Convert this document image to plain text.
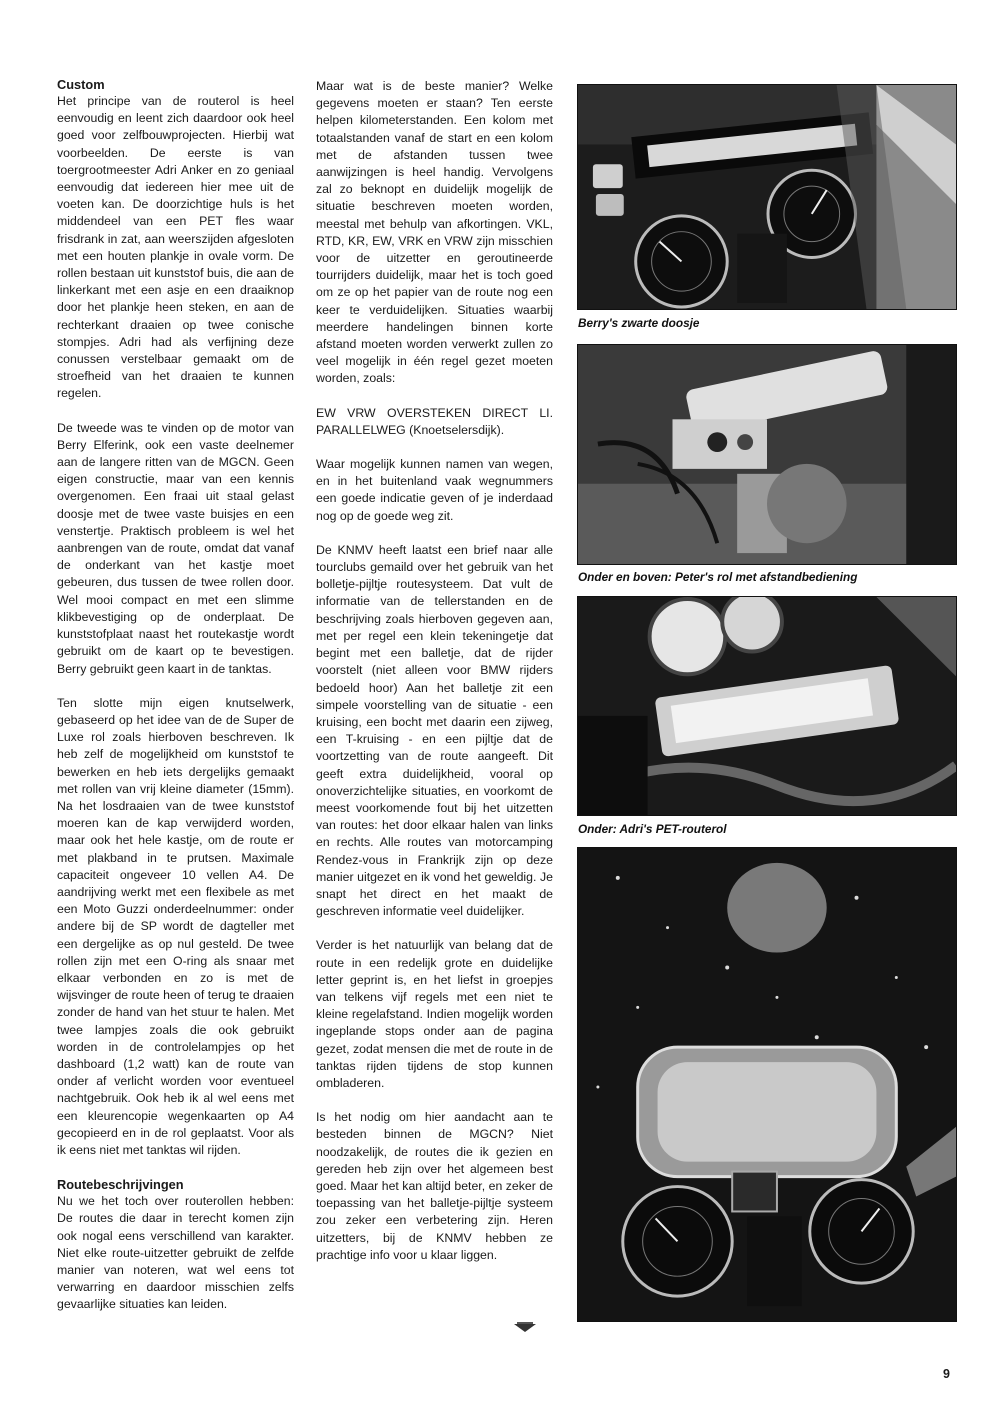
Custom

Het principe van de routerol is heel eenvoudig en leent zich daardoor ook heel goed voor zelfbouwprojecten. Hierbij wat voorbeelden. De eerste is van toergrootmeester Adri Anker en zo geniaal eenvoudig dat iedereen hier mee uit de voeten kan. De doorzichtige huls is het middendeel van een PET fles waar frisdrank in zat, aan weerszijden afgesloten met een houten plankje in ovale vorm. De rollen bestaan uit kunststof buis, die aan de linkerkant met een asje en een draaiknop door het plankje heen steken, en aan de rechterkant draaien op twee conische stompjes. Adri had als verfijning deze conussen verstelbaar gemaakt om de stroefheid van het draaien te kunnen regelen.

De tweede was te vinden op de motor van Berry Elferink, ook een vaste deelnemer aan de langere ritten van de MGCN. Geen eigen constructie, maar van een kennis overgenomen. Een fraai uit staal gelast doosje met de twee vaste buisjes en een venstertje. Praktisch probleem is wel het aanbrengen van de route, omdat dat vanaf de onderkant van het kastje moet gebeuren, dus tussen de twee rollen door. Wel mooi compact en met een slimme klikbevestiging op de onderplaat. De kunststofplaat naast het routekastje wordt gebruikt om de kaart op te bevestigen. Berry gebruikt geen kaart in de tanktas.

Ten slotte mijn eigen knutselwerk, gebaseerd op het idee van de de Super de Luxe rol zoals hierboven beschreven. Ik heb zelf de mogelijkheid om kunststof te bewerken en heb iets dergelijks gemaakt met rollen van vrij kleine diameter (15mm). Na het losdraaien van de twee kunststof moeren kan de kap verwijderd worden, maar ook het hele kastje, om de route er met plakband in te prutsen. Maximale capaciteit ongeveer 10 vellen A4. De aandrijving werkt met een flexibele as met een Moto Guzzi onderdeelnummer: onder andere bij de SP wordt de dagteller met een dergelijke as op nul gesteld. De twee rollen zijn met een O-ring als snaar met elkaar verbonden en zo is met de wijsvinger de route heen of terug te draaien zonder de hand van het stuur te halen. Met twee lampjes zoals die ook gebruikt worden in de controlelampjes op het dashboard (1,2 watt) kan de route van onder af verlicht worden voor eventueel nachtgebruik. Ook heb ik al wel eens met een kleurencopie wegenkaarten op A4 gecopieerd en in de rol geplaatst. Voor als ik eens niet met tanktas wil rijden.

Routebeschrijvingen

Nu we het toch over routerollen hebben: De routes die daar in terecht komen zijn ook nogal eens verschillend van karakter. Niet elke route-uitzetter gebruikt de zelfde manier van noteren, wat wel eens tot verwarring en daardoor misschien zelfs gevaarlijke situaties kan leiden.

Maar wat is de beste manier? Welke gegevens moeten er staan? Ten eerste helpen kilometerstanden. Een kolom met totaalstanden vanaf de start en een kolom met de afstanden tussen twee aanwijzingen is heel handig. Vervolgens zal zo beknopt en duidelijk mogelijk de situatie beschreven moeten worden, meestal met behulp van afkortingen. VKL, RTD, KR, EW, VRK en VRW zijn misschien voor de uitzetter en geroutineerde tourrijders duidelijk, maar het is toch goed om ze op het papier van de route nog een keer te verduidelijken. Situaties waarbij meerdere handelingen binnen korte afstand moeten worden verwerkt zullen zo veel mogelijk in één regel gezet moeten worden, zoals:

EW VRW OVERSTEKEN DIRECT LI. PARALLELWEG (Knoetselersdijk).

Waar mogelijk kunnen namen van wegen, en in het buitenland vaak wegnummers een goede indicatie geven of je inderdaad nog op de goede weg zit.

De KNMV heeft laatst een brief naar alle tourclubs gemaild over het gebruik van het bolletje-pijltje routesysteem. Dat vult de informatie van de tellerstanden en de beschrijving zoals hierboven gegeven aan, met per regel een klein tekeningetje dat begint met een balletje, dat de rijder voorstelt (niet alleen voor BMW rijders bedoeld hoor) Aan het balletje zit een simpele voorstelling van de situatie - een kruising, een bocht met daarin een zijweg, een T-kruising - en een pijltje dat de voortzetting van de route aangeeft. Dit geeft extra duidelijkheid, vooral op onoverzichtelijke situaties, en voorkomt de meest voorkomende fout bij het uitzetten van routes: het door elkaar halen van links en rechts. Alle routes van motorcamping Rendez-vous in Frankrijk zijn op deze manier uitgezet en ik vond het geweldig. Je snapt het direct en het maakt de geschreven informatie veel duidelijker.

Verder is het natuurlijk van belang dat de route in een redelijk grote en duidelijke letter geprint is, en het liefst in groepjes van telkens vijf regels met een niet te kleine regelafstand. Indien mogelijk worden ingeplande stops onder aan de pagina gezet, zodat mensen die met de route in de tanktas rijden tijdens de stop kunnen ombladeren.

Is het nodig om hier aandacht aan te besteden binnen de MGCN? Niet noodzakelijk, de routes die ik gezien en gereden heb zijn over het algemeen best goed. Maar het kan altijd beter, en zeker de toepassing van het balletje-pijltje systeem zou zeker een verbetering zijn. Heren uitzetters, bij de KNMV hebben ze prachtige info voor u klaar liggen.

Berry's zwarte doosje
Onder en boven: Peter's rol met afstandbediening
Onder: Adri's PET-routerol
9
